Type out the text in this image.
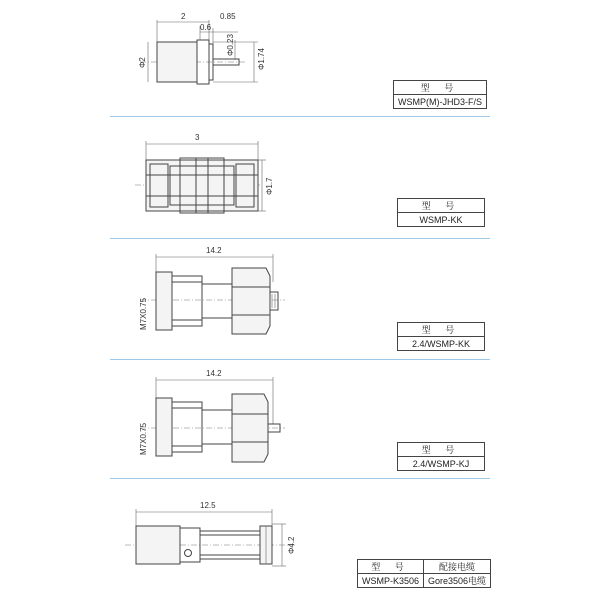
2
0.6
0.85
Φ2
Φ0.23
Φ1.74
3
Φ1.7
14.2
M7X0.75
14.2
M7X0.75
12.5
Φ4.2
型 号
WSMP(M)-JHD3-F/S
型 号
WSMP-KK
型 号
2.4/WSMP-KK
型 号
2.4/WSMP-KJ
型 号	配接电缆
WSMP-K3506	Gore3506电缆
